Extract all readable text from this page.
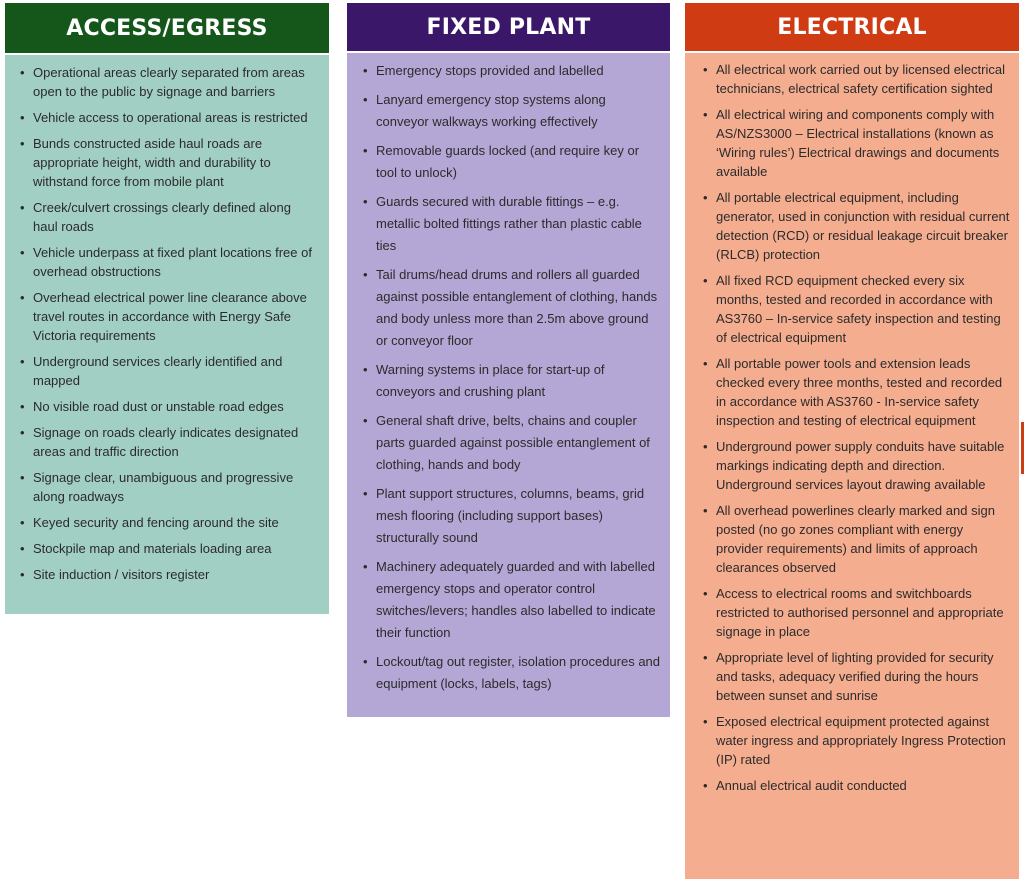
ACCESS/EGRESS
• Operational areas clearly separated from areas open to the public by signage and barriers
• Vehicle access to operational areas is restricted
• Bunds constructed aside haul roads are appropriate height, width and durability to withstand force from mobile plant
• Creek/culvert crossings clearly defined along haul roads
• Vehicle underpass at fixed plant locations free of overhead obstructions
• Overhead electrical power line clearance above travel routes in accordance with Energy Safe Victoria requirements
• Underground services clearly identified and mapped
• No visible road dust or unstable road edges
• Signage on roads clearly indicates designated areas and traffic direction
• Signage clear, unambiguous and progressive along roadways
• Keyed security and fencing around the site
• Stockpile map and materials loading area
• Site induction / visitors register
FIXED PLANT
• Emergency stops provided and labelled
• Lanyard emergency stop systems along conveyor walkways working effectively
• Removable guards locked (and require key or tool to unlock)
• Guards secured with durable fittings – e.g. metallic bolted fittings rather than plastic cable ties
• Tail drums/head drums and rollers all guarded against possible entanglement of clothing, hands and body unless more than 2.5m above ground or conveyor floor
• Warning systems in place for start-up of conveyors and crushing plant
• General shaft drive, belts, chains and coupler parts guarded against possible entanglement of clothing, hands and body
• Plant support structures, columns, beams, grid mesh flooring (including support bases) structurally sound
• Machinery adequately guarded and with labelled emergency stops and operator control switches/levers; handles also labelled to indicate their function
• Lockout/tag out register, isolation procedures and equipment (locks, labels, tags)
ELECTRICAL
• All electrical work carried out by licensed electrical technicians, electrical safety certification sighted
• All electrical wiring and components comply with AS/NZS3000 – Electrical installations (known as ‘Wiring rules’) Electrical drawings and documents available
• All portable electrical equipment, including generator, used in conjunction with residual current detection (RCD) or residual leakage circuit breaker (RLCB) protection
• All fixed RCD equipment checked every six months, tested and recorded in accordance with AS3760 – In-service safety inspection and testing of electrical equipment
• All portable power tools and extension leads checked every three months, tested and recorded in accordance with AS3760 - In-service safety inspection and testing of electrical equipment
• Underground power supply conduits have suitable markings indicating depth and direction. Underground services layout drawing available
• All overhead powerlines clearly marked and sign posted (no go zones compliant with energy provider requirements) and limits of approach clearances observed
• Access to electrical rooms and switchboards restricted to authorised personnel and appropriate signage in place
• Appropriate level of lighting provided for security and tasks, adequacy verified during the hours between sunset and sunrise
• Exposed electrical equipment protected against water ingress and appropriately Ingress Protection (IP) rated
• Annual electrical audit conducted
